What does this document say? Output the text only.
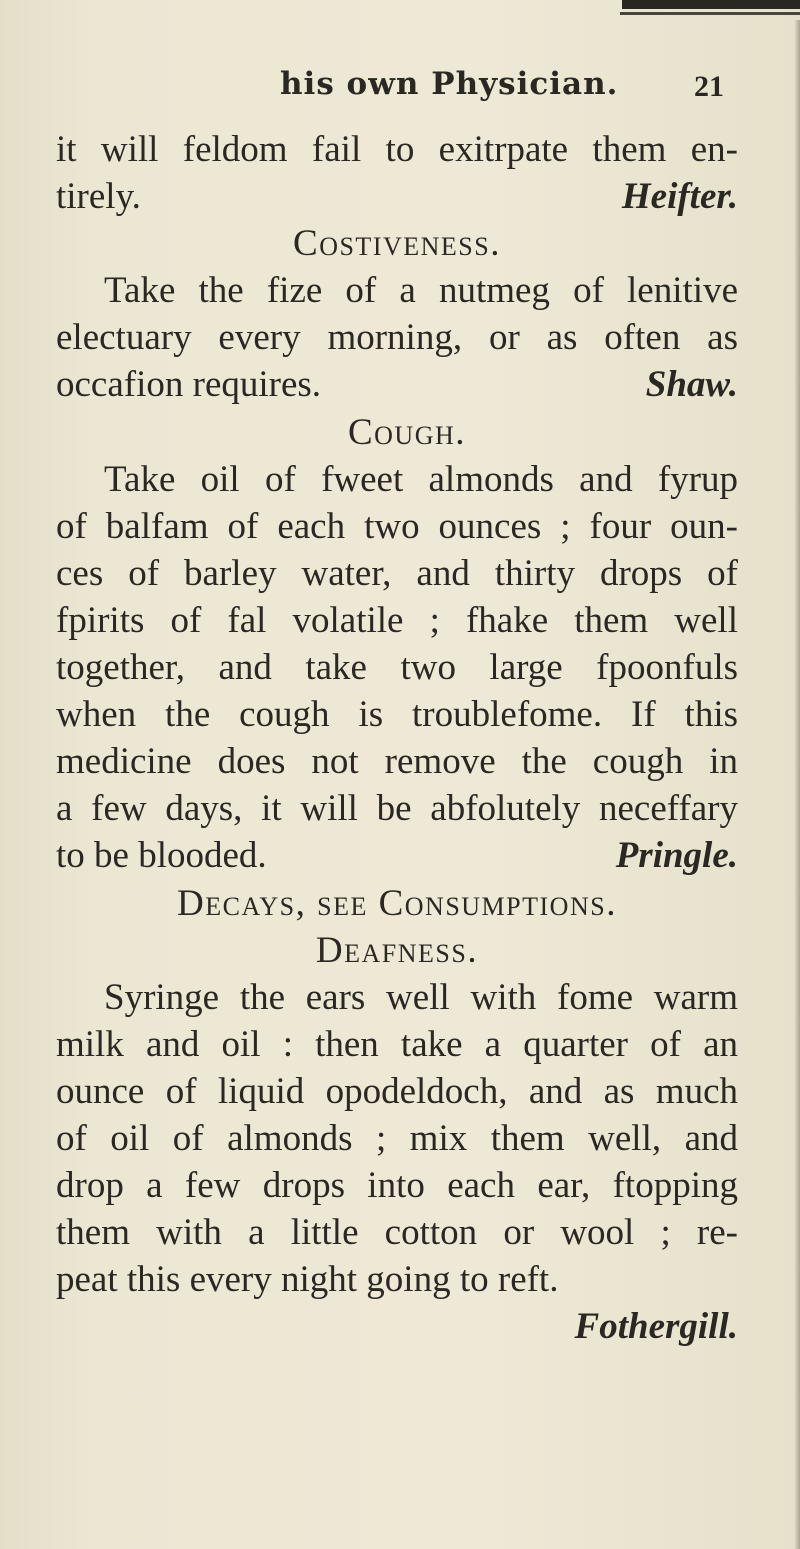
his own Physician.	21
it will feldom fail to exitrpate them en-
tirely.	Heifter.
Costiveness.
Take the fize of a nutmeg of lenitive
electuary every morning, or as often as
occafion requires.	Shaw.
Cough.
Take oil of fweet almonds and fyrup
of balfam of each two ounces ; four oun-
ces of barley water, and thirty drops of
fpirits of fal volatile ; fhake them well
together, and take two large fpoonfuls
when the cough is troublefome. If this
medicine does not remove the cough in
a few days, it will be abfolutely neceffary
to be blooded.	Pringle.
Decays, see Consumptions.
Deafness.
Syringe the ears well with fome warm
milk and oil : then take a quarter of an
ounce of liquid opodeldoch, and as much
of oil of almonds ; mix them well, and
drop a few drops into each ear, ftopping
them with a little cotton or wool ; re-
peat this every night going to reft.
Fothergill.
